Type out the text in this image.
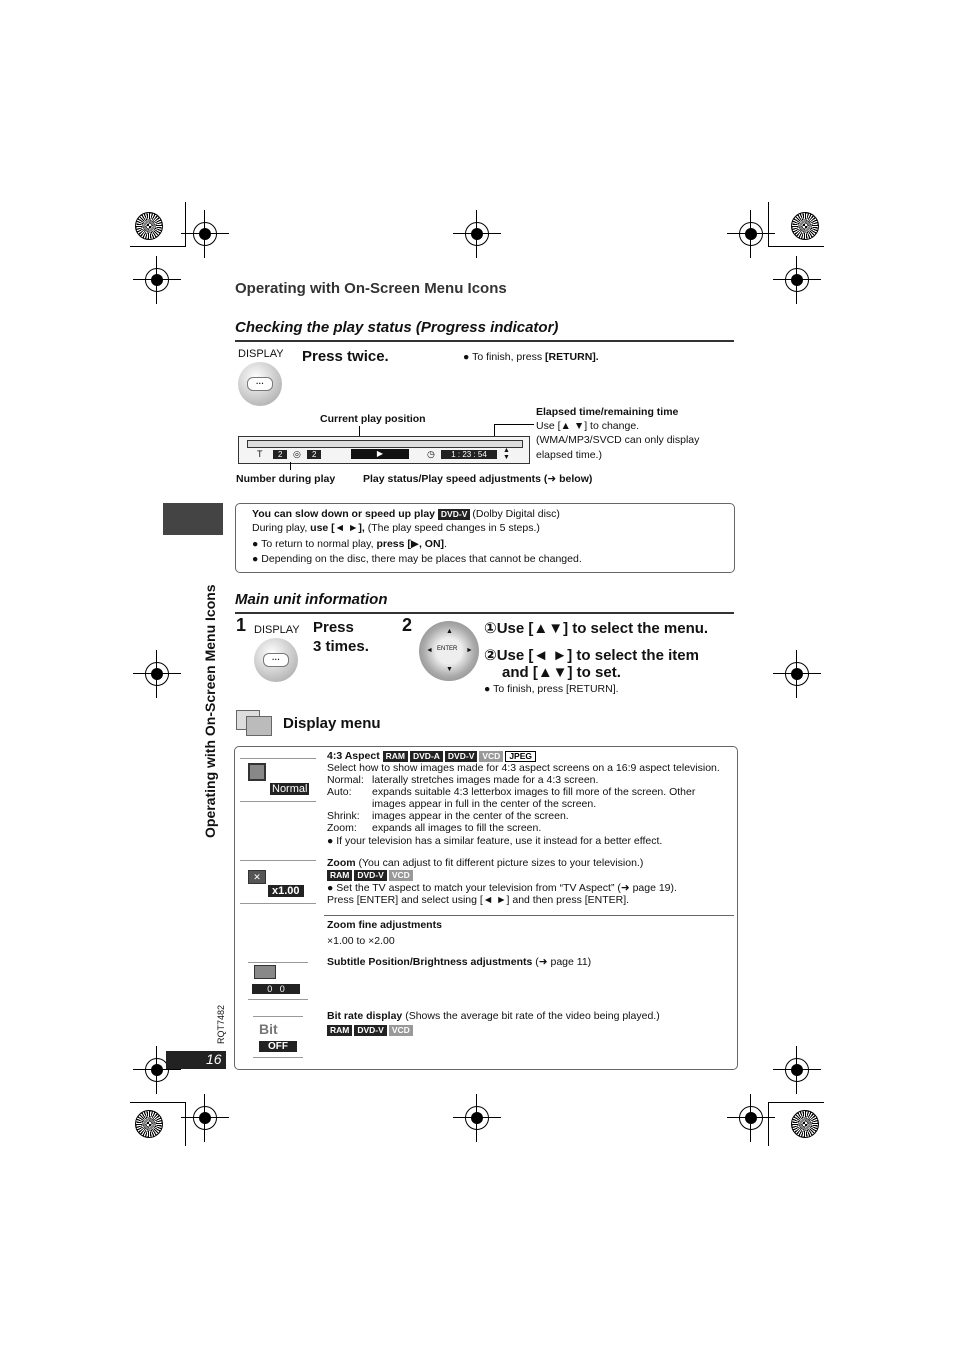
Operating with On-Screen Menu Icons
Operating with On-Screen Menu Icons
Checking the play status (Progress indicator)
DISPLAY
···
Press twice.	● To finish, press [RETURN].
Current play position
Elapsed time/remaining time
Use [▲ ▼] to change.
(WMA/MP3/SVCD can only display
elapsed time.)
T	2	◎	2	▶	◷	1 : 23 : 54	▲
▼
Number during play	Play status/Play speed adjustments (➜ below)
You can slow down or speed up play DVD-V (Dolby Digital disc)
During play, use [◄ ►], (The play speed changes in 5 steps.)
● To return to normal play, press [▶, ON].
● Depending on the disc, there may be places that cannot be changed.
Main unit information
1 DISPLAY
···
Press
3 times.
2
ENTER
▲
▼
◄	►
①Use [▲▼] to select the menu.
②Use [◄ ►] to select the item
and [▲▼] to set.
● To finish, press [RETURN].
Display menu
Normal
4:3 Aspect RAM DVD-A DVD-V VCD JPEG
Select how to show images made for 4:3 aspect screens on a 16:9 aspect television.
Normal: laterally stretches images made for a 4:3 screen.
Auto: expands suitable 4:3 letterbox images to fill more of the screen. Other
images appear in full in the center of the screen.
Shrink: images appear in the center of the screen.
Zoom: expands all images to fill the screen.
● If your television has a similar feature, use it instead for a better effect.
✕
x1.00
Zoom (You can adjust to fit different picture sizes to your television.)
RAM DVD-V VCD
● Set the TV aspect to match your television from “TV Aspect” (➜ page 19).
Press [ENTER] and select using [◄ ►] and then press [ENTER].
Zoom fine adjustments
×1.00 to ×2.00
0   0
Subtitle Position/Brightness adjustments (➜ page 11)
Bit
OFF
Bit rate display (Shows the average bit rate of the video being played.)
RAM DVD-V VCD
RQT7482
16
